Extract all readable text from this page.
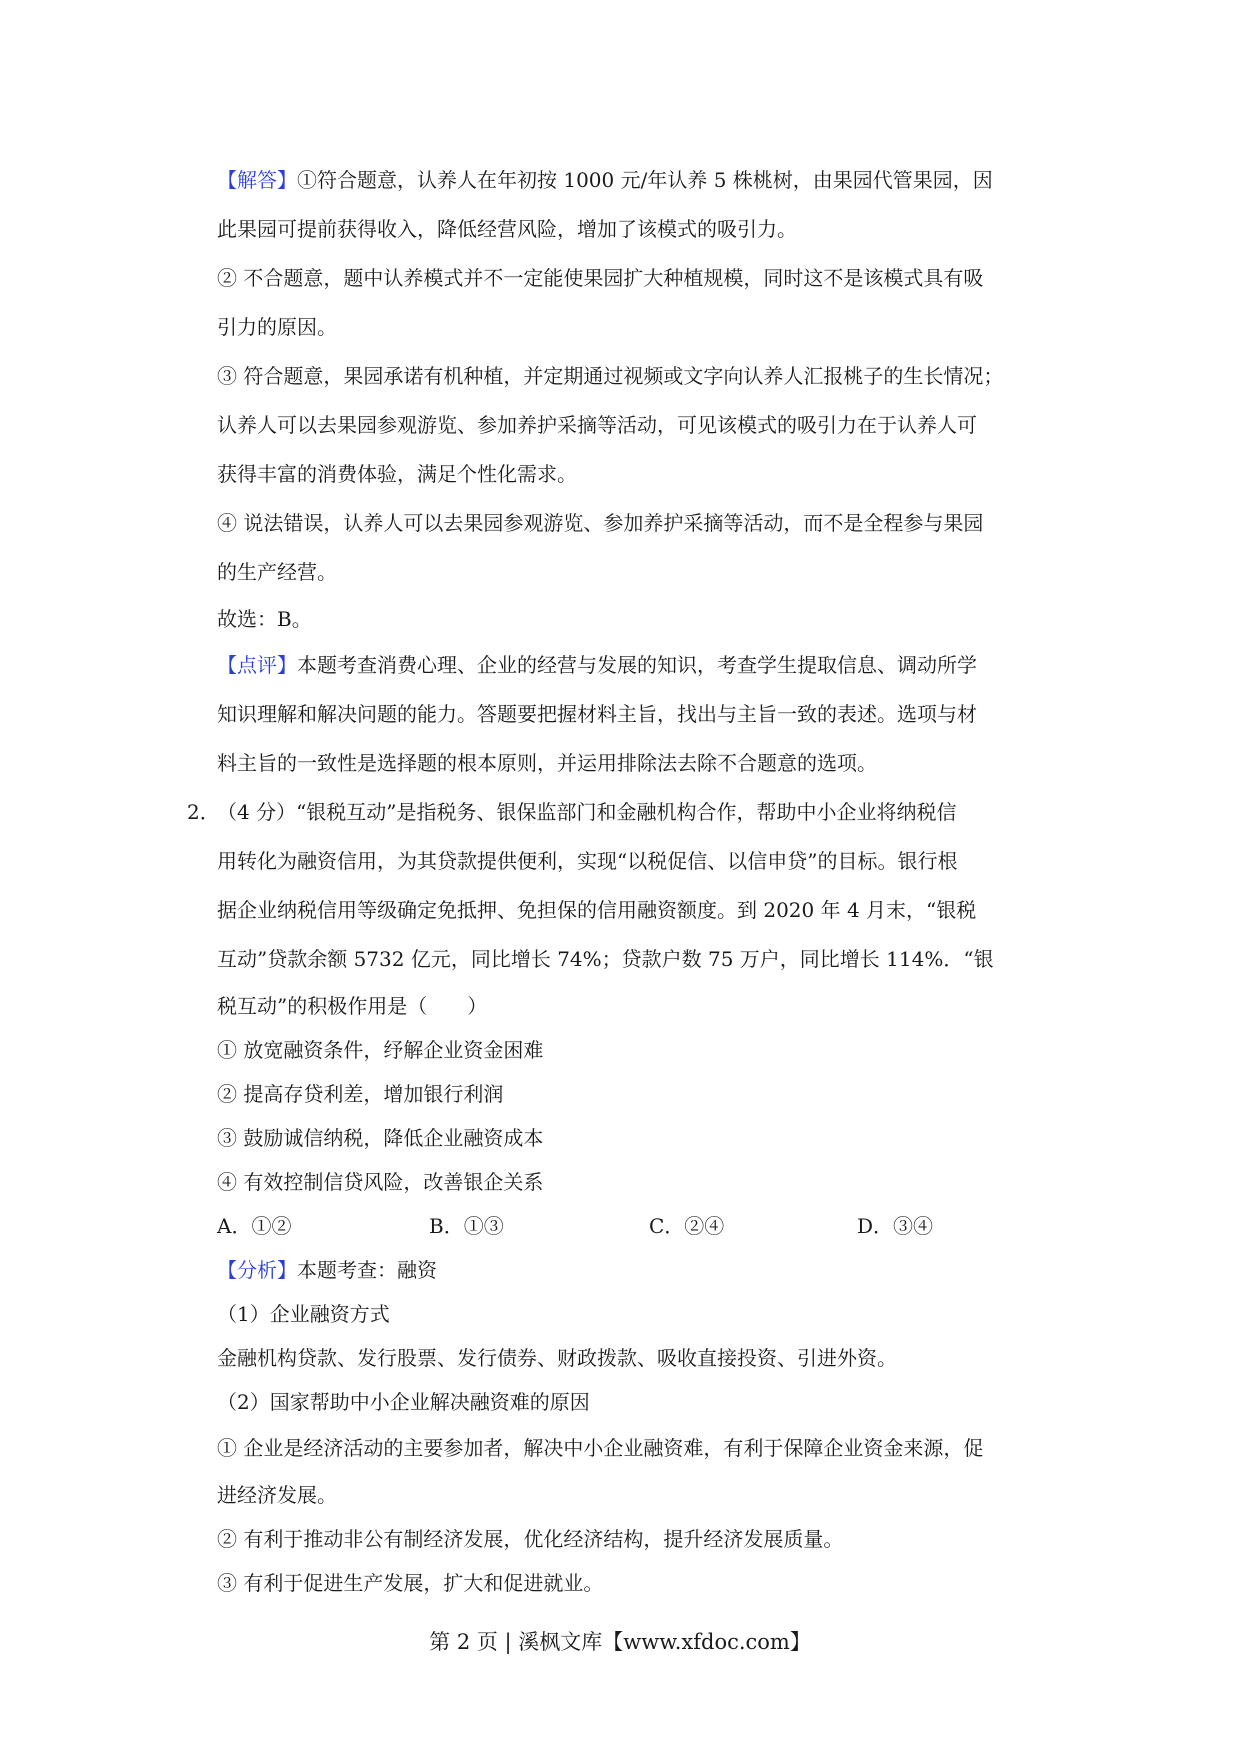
【解答】①符合题意，认养人在年初按 1000 元/年认养 5 株桃树，由果园代管果园，因

此果园可提前获得收入，降低经营风险，增加了该模式的吸引力。

② 不合题意，题中认养模式并不一定能使果园扩大种植规模，同时这不是该模式具有吸

引力的原因。

③ 符合题意，果园承诺有机种植，并定期通过视频或文字向认养人汇报桃子的生长情况；

认养人可以去果园参观游览、参加养护采摘等活动，可见该模式的吸引力在于认养人可

获得丰富的消费体验，满足个性化需求。

④ 说法错误，认养人可以去果园参观游览、参加养护采摘等活动，而不是全程参与果园

的生产经营。

故选：B。

【点评】本题考查消费心理、企业的经营与发展的知识，考查学生提取信息、调动所学

知识理解和解决问题的能力。答题要把握材料主旨，找出与主旨一致的表述。选项与材

料主旨的一致性是选择题的根本原则，并运用排除法去除不合题意的选项。

2．

（4 分）“银税互动”是指税务、银保监部门和金融机构合作，帮助中小企业将纳税信

用转化为融资信用，为其贷款提供便利，实现“以税促信、以信申贷”的目标。银行根

据企业纳税信用等级确定免抵押、免担保的信用融资额度。到 2020 年 4 月末，“银税

互动”贷款余额 5732 亿元，同比增长 74%；贷款户数 75 万户，同比增长 114%．“银

税互动”的积极作用是（　　）

① 放宽融资条件，纾解企业资金困难

② 提高存贷利差，增加银行利润

③ 鼓励诚信纳税，降低企业融资成本

④ 有效控制信贷风险，改善银企关系

A．①②	B．①③	C．②④	D．③④

【分析】本题考查：融资

（1）企业融资方式

金融机构贷款、发行股票、发行债券、财政拨款、吸收直接投资、引进外资。

（2）国家帮助中小企业解决融资难的原因

① 企业是经济活动的主要参加者，解决中小企业融资难，有利于保障企业资金来源，促

进经济发展。

② 有利于推动非公有制经济发展，优化经济结构，提升经济发展质量。

③ 有利于促进生产发展，扩大和促进就业。

第 2 页 | 溪枫文库【www.xfdoc.com】
